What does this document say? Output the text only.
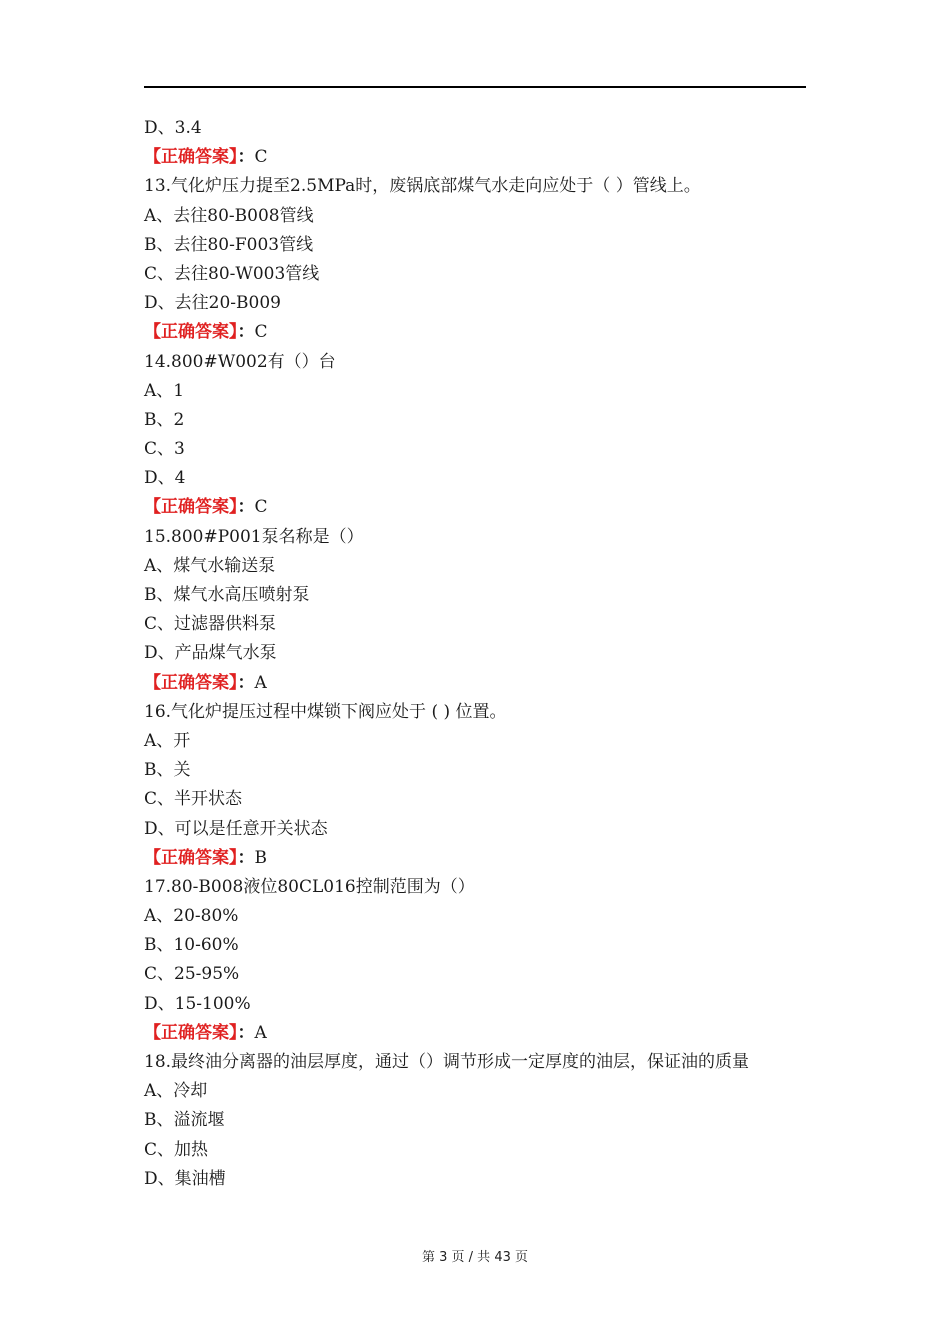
D、3.4
【正确答案】：C
13.气化炉压力提至2.5MPa时，废锅底部煤气水走向应处于（ ）管线上。
A、去往80-B008管线
B、去往80-F003管线
C、去往80-W003管线
D、去往20-B009
【正确答案】：C
14.800#W002有（）台
A、1
B、2
C、3
D、4
【正确答案】：C
15.800#P001泵名称是（）
A、煤气水输送泵
B、煤气水高压喷射泵
C、过滤器供料泵
D、产品煤气水泵
【正确答案】：A
16.气化炉提压过程中煤锁下阀应处于 ( ) 位置。
A、开
B、关
C、半开状态
D、可以是任意开关状态
【正确答案】：B
17.80-B008液位80CL016控制范围为（）
A、20-80%
B、10-60%
C、25-95%
D、15-100%
【正确答案】：A
18.最终油分离器的油层厚度，通过（）调节形成一定厚度的油层，保证油的质量
A、冷却
B、溢流堰
C、加热
D、集油槽
第 3 页 / 共 43 页
